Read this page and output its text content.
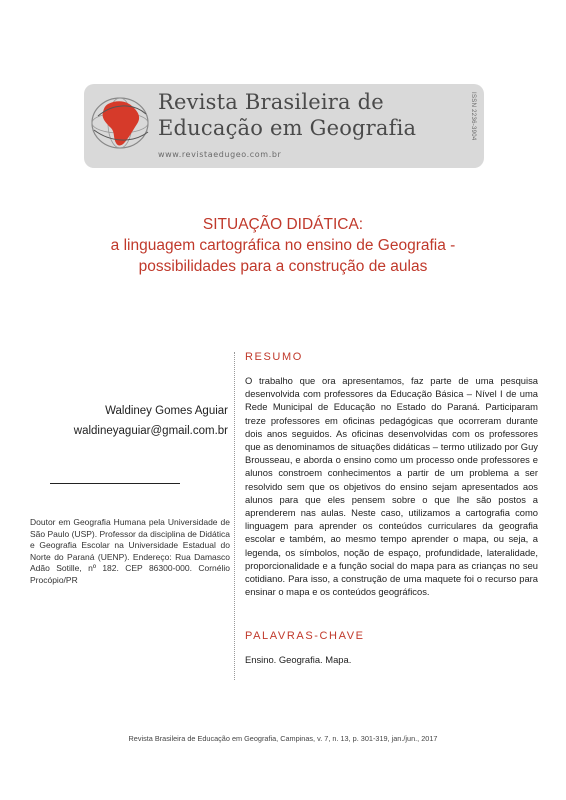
Revista Brasileira de
Educação em Geografia
www.revistaedugeo.com.br
ISSN 2236-3904
SITUAÇÃO DIDÁTICA:
a linguagem cartográfica no ensino de Geografia -
possibilidades para a construção de aulas
Waldiney Gomes Aguiar
waldineyaguiar@gmail.com.br
Doutor em Geografia Humana pela Universidade de São Paulo (USP). Professor da disciplina de Didática e Geografia Escolar na Universidade Estadual do Norte do Paraná (UENP). Endereço: Rua Damasco Adão Sotille, nº 182. CEP 86300-000. Cornélio Procópio/PR
RESUMO
O trabalho que ora apresentamos, faz parte de uma pesquisa desenvolvida com professores da Educação Básica – Nível I de uma Rede Municipal de Educação no Estado do Paraná. Participaram treze professores em oficinas pedagógicas que ocorreram durante dois anos seguidos. As oficinas desenvolvidas com os professores que as denominamos de situações didáticas – termo utilizado por Guy Brousseau, e aborda o ensino como um processo onde professores e alunos constroem conhecimentos a partir de um problema a ser resolvido sem que os objetivos do ensino sejam apresentados aos alunos para que eles pensem sobre o que lhe são postos a aprenderem nas aulas. Neste caso, utilizamos a cartografia como linguagem para aprender os conteúdos curriculares da geografia escolar e também, ao mesmo tempo aprender o mapa, ou seja, a legenda, os símbolos, noção de espaço, profundidade, lateralidade, proporcionalidade e a função social do mapa para as crianças no seu cotidiano. Para isso, a construção de uma maquete foi o recurso para ensinar o mapa e os conteúdos geográficos.
PALAVRAS-CHAVE
Ensino. Geografia. Mapa.
Revista Brasileira de Educação em Geografia, Campinas, v. 7, n. 13, p. 301-319, jan./jun., 2017
